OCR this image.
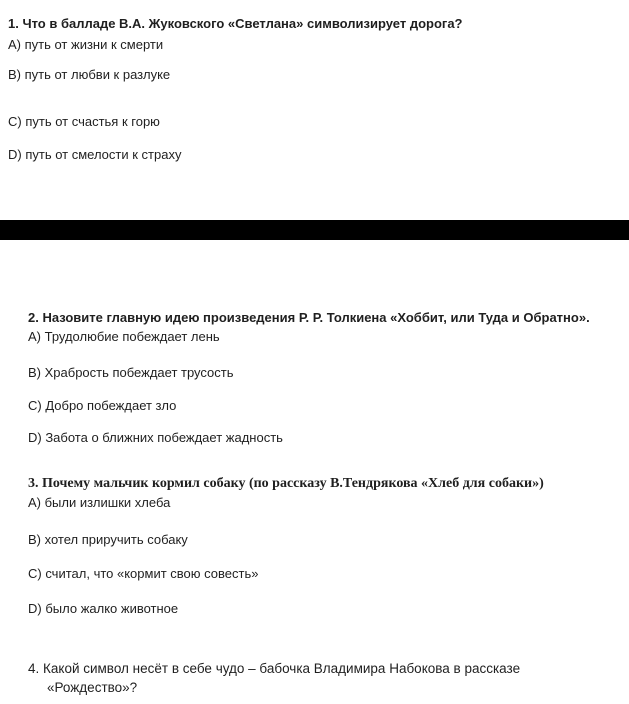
1. Что в балладе В.А. Жуковского «Светлана» символизирует дорога?
A) путь от жизни к смерти
B) путь от любви к разлуке
C) путь от счастья к горю
D) путь от смелости к страху
2. Назовите главную идею произведения Р. Р. Толкиена «Хоббит, или Туда и Обратно».
A) Трудолюбие побеждает лень
B) Храбрость побеждает трусость
C) Добро побеждает зло
D) Забота о ближних побеждает жадность
3. Почему мальчик кормил собаку (по рассказу В.Тендрякова «Хлеб для собаки»)
A) были излишки хлеба
B) хотел приручить собаку
C) считал, что «кормит свою совесть»
D) было жалко животное
4. Какой символ несёт в себе чудо – бабочка Владимира Набокова в рассказе «Рождество»?
